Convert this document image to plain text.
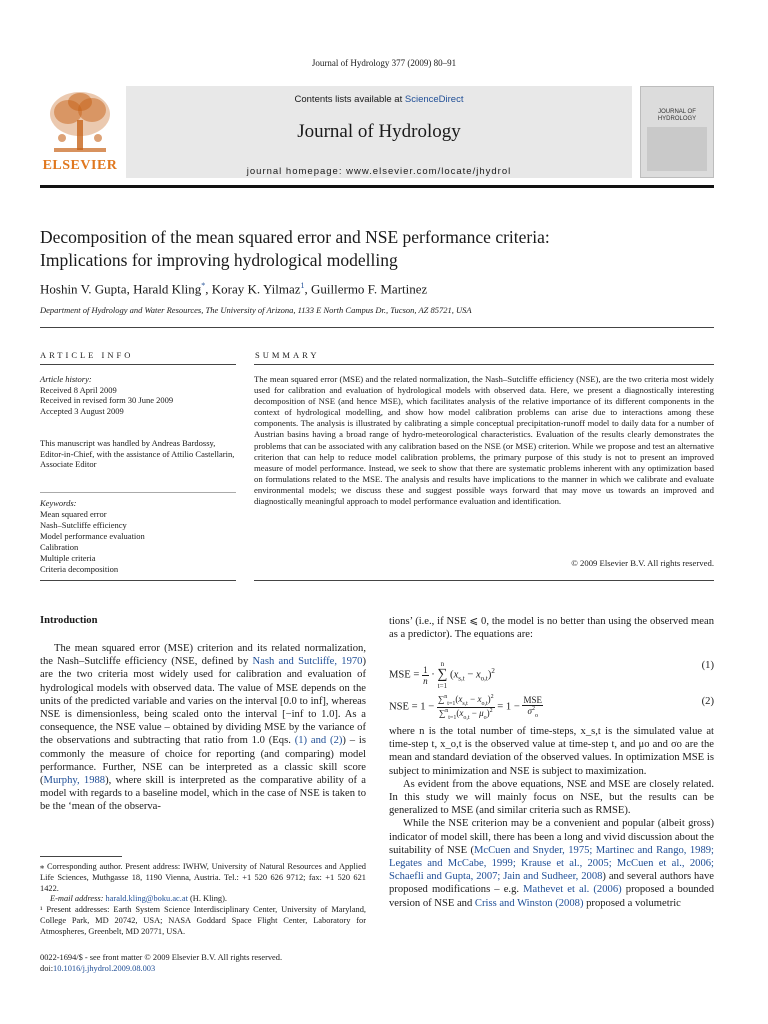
Journal of Hydrology 377 (2009) 80–91
ELSEVIER
Contents lists available at ScienceDirect
Journal of Hydrology
journal homepage: www.elsevier.com/locate/jhydrol
JOURNAL OF HYDROLOGY
Decomposition of the mean squared error and NSE performance criteria:
Implications for improving hydrological modelling
Hoshin V. Gupta, Harald Kling*, Koray K. Yilmaz$^1$, Guillermo F. Martinez
Department of Hydrology and Water Resources, The University of Arizona, 1133 E North Campus Dr., Tucson, AZ 85721, USA
ARTICLE INFO
Article history:
Received 8 April 2009
Received in revised form 30 June 2009
Accepted 3 August 2009
This manuscript was handled by Andreas Bardossy, Editor-in-Chief, with the assistance of Attilio Castellarin, Associate Editor
Keywords:
Mean squared error
Nash–Sutcliffe efficiency
Model performance evaluation
Calibration
Multiple criteria
Criteria decomposition
SUMMARY
The mean squared error (MSE) and the related normalization, the Nash–Sutcliffe efficiency (NSE), are the two criteria most widely used for calibration and evaluation of hydrological models with observed data. Here, we present a diagnostically interesting decomposition of NSE (and hence MSE), which facilitates analysis of the relative importance of its different components in the context of hydrological modelling, and show how model calibration problems can arise due to interactions among these components. The analysis is illustrated by calibrating a simple conceptual precipitation-runoff model to daily data for a number of Austrian basins having a broad range of hydro-meteorological characteristics. Evaluation of the results clearly demonstrates the problems that can be associated with any calibration based on the NSE (or MSE) criterion. While we propose and test an alternative criterion that can help to reduce model calibration problems, the primary purpose of this study is not to present an improved measure of model performance. Instead, we seek to show that there are systematic problems inherent with any optimization based on formulations related to the MSE. The analysis and results have implications to the manner in which we calibrate and evaluate environmental models; we discuss these and suggest possible ways forward that may move us towards an improved and diagnostically meaningful approach to model performance evaluation and identification.
© 2009 Elsevier B.V. All rights reserved.
Introduction

The mean squared error (MSE) criterion and its related normalization, the Nash–Sutcliffe efficiency (NSE, defined by Nash and Sutcliffe, 1970) are the two criteria most widely used for calibration and evaluation of hydrological models with observed data. The value of MSE depends on the units of the predicted variable and varies on the interval [0.0 to inf], whereas NSE is dimensionless, being scaled onto the interval [−inf to 1.0]. As a consequence, the NSE value – obtained by dividing MSE by the variance of the observations and subtracting that ratio from 1.0 (Eqs. (1) and (2)) – is commonly the measure of choice for reporting (and comparing) model performance. Further, NSE can be interpreted as a classic skill score (Murphy, 1988), where skill is interpreted as the comparative ability of a model with regards to a baseline model, which in the case of NSE is taken to be the ‘mean of the observa-

tions’ (i.e., if NSE ⩽ 0, the model is no better than using the observed mean as a predictor). The equations are:

MSE = $\frac{1}{n} \cdot n$
∑
t=1 $(x_{s,t} - x_{o,t})^2$	(1)
NSE = $1 - \frac{\sum^n_{t=1}(x_{s,t} - x_{o,t})^2}{\sum^n_{t=1}(x_{o,t} - \mu_o)^2} = 1 - \frac{\text{MSE}}{\sigma^2_o}$	(2)

where n is the total number of time-steps, x_s,t is the simulated value at time-step t, x_o,t is the observed value at time-step t, and μo and σo are the mean and standard deviation of the observed values. In optimization MSE is subject to minimization and NSE is subject to maximization.

As evident from the above equations, NSE and MSE are closely related. In this study we will mainly focus on NSE, but the results can be generalized to MSE (and similar criteria such as RMSE).

While the NSE criterion may be a convenient and popular (albeit gross) indicator of model skill, there has been a long and vivid discussion about the suitability of NSE (McCuen and Snyder, 1975; Martinec and Rango, 1989; Legates and McCabe, 1999; Krause et al., 2005; McCuen et al., 2006; Schaefli and Gupta, 2007; Jain and Sudheer, 2008) and several authors have proposed modifications – e.g. Mathevet et al. (2006) proposed a bounded version of NSE and Criss and Winston (2008) proposed a volumetric

⁎ Corresponding author. Present address: IWHW, University of Natural Resources and Applied Life Sciences, Muthgasse 18, 1190 Vienna, Austria. Tel.: +1 520 626 9712; fax: +1 520 621 1422.

E-mail address: harald.kling@boku.ac.at (H. Kling).

¹ Present addresses: Earth System Science Interdisciplinary Center, University of Maryland, College Park, MD 20742, USA; NASA Goddard Space Flight Center, Laboratory for Atmospheres, Greenbelt, MD 20771, USA.

0022-1694/$ - see front matter © 2009 Elsevier B.V. All rights reserved.
doi:10.1016/j.jhydrol.2009.08.003
